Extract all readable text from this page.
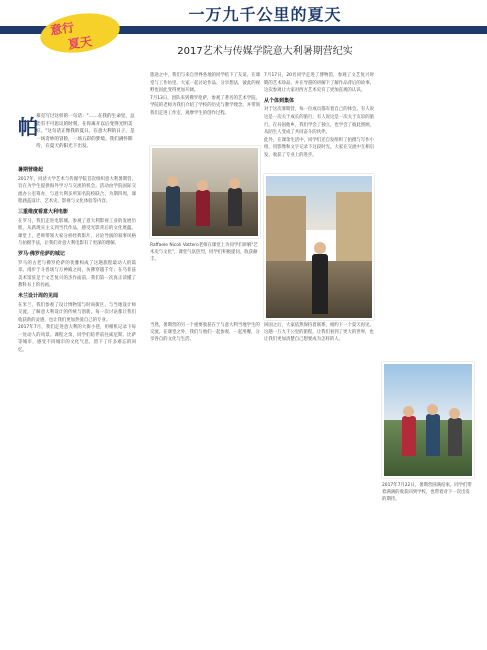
一万九千公里的夏天
2017艺术与传媒学院意大利暑期营纪实
意行
夏天
帕
慕克写过这样的一句话："……在我的生命里，总能有不可思议的时刻，在你离开以后变得光明美好。"这句话正像我的夏日。在意大利的日子，是一场奇妙的冒险，一场五彩的梦境。我们满怀期待，在夏天的阳光下出发。
暑期营缘起
2017年，同济大学艺术与传媒学院首次组织意大利暑期营，旨在为学生提供海外学习与交流的机会。活动由学院国际交流办公室筹办，与意大利多所知名院校联合，为期四周，课程涵盖设计、艺术史、影视与文化体验等内容。
三重维度看意大利电影
在罗马，我们走进电影城，参观了意大利影视工业的发展历程，从新现实主义到当代作品，感受光影背后的文化底蕴。课堂上，老师带领大家分析经典影片，讨论导演的叙事风格与拍摄手法，让我们对意大利电影有了更深的理解。
罗马·佛罗伦萨的城记
罗马的古老与佛罗伦萨的优雅构成了这趟旅程最动人的篇章。漫步于斗兽场与万神殿之间，仿佛穿越千年；在乌菲兹美术馆驻足于文艺复兴的杰作面前，我们第一次真正读懂了教科书上的名画。
米兰设计周的见闻
在米兰，我们参观了设计博物馆与时尚街区，与当地设计师交流，了解意大利设计的传统与创新。每一次讨论都让我们收获新的灵感，也让我们更加热爱自己的专业。
2017年7月，我们走进意大利的大街小巷，用相机记录下每一处动人的风景。课程之余，同学们结伴前往威尼斯、比萨等城市，感受不同城市的文化气息，留下了许多难忘的回忆。
旅途之中，我们与来自世界各地的同学结下了友谊。在课堂与工作坊里，大家一起讨论作品、分享想法，彼此的视野也因此变得更加开阔。
7月13日，团队来到佛罗伦萨，参观了著名的艺术学院。学院的老师为我们介绍了学校的历史与教学理念，并带领我们走进工作室，观摩学生的创作过程。
Raffaele Nicoli Vottero老师在课堂上为同学们讲解"艺术史与文化"，课堂气氛热烈，同学们积极提问，收获颇丰。
7月17日，20名同学走进了博物馆，参观了文艺复兴时期的艺术珍品，并在导游的讲解下了解作品背后的故事。这次参观让大家对西方艺术史有了更加直观的认识。
从个体到集体
对于这次暑期营，每一位成员都有着自己的体会。有人说这是一次关于成长的旅行，有人说这是一次关于友谊的旅行。在异国他乡，我们学会了独立，也学会了彼此照顾，从陌生人变成了共同奋斗的伙伴。
此外，在课余生活中，同学们还自发组织了拍摄与写作小组，用影像和文字记录下这段时光。大家在交流中互相启发，收获了专业上的进步。
当然，暑期营的另一个重要收获在于与意大利当地学生的交流。在课堂之外，我们与他们一起参观、一起用餐，分享各自的文化与生活。
回国之后，大家依然保持着联系，相约下一个夏天再见。这趟一万九千公里的旅程，让我们看到了更大的世界，也让我们更加清楚自己想要成为怎样的人。
2017年7月22日，暑期营圆满结束。同学们带着满满的收获回到学校，也带着对下一次出发的期待。
